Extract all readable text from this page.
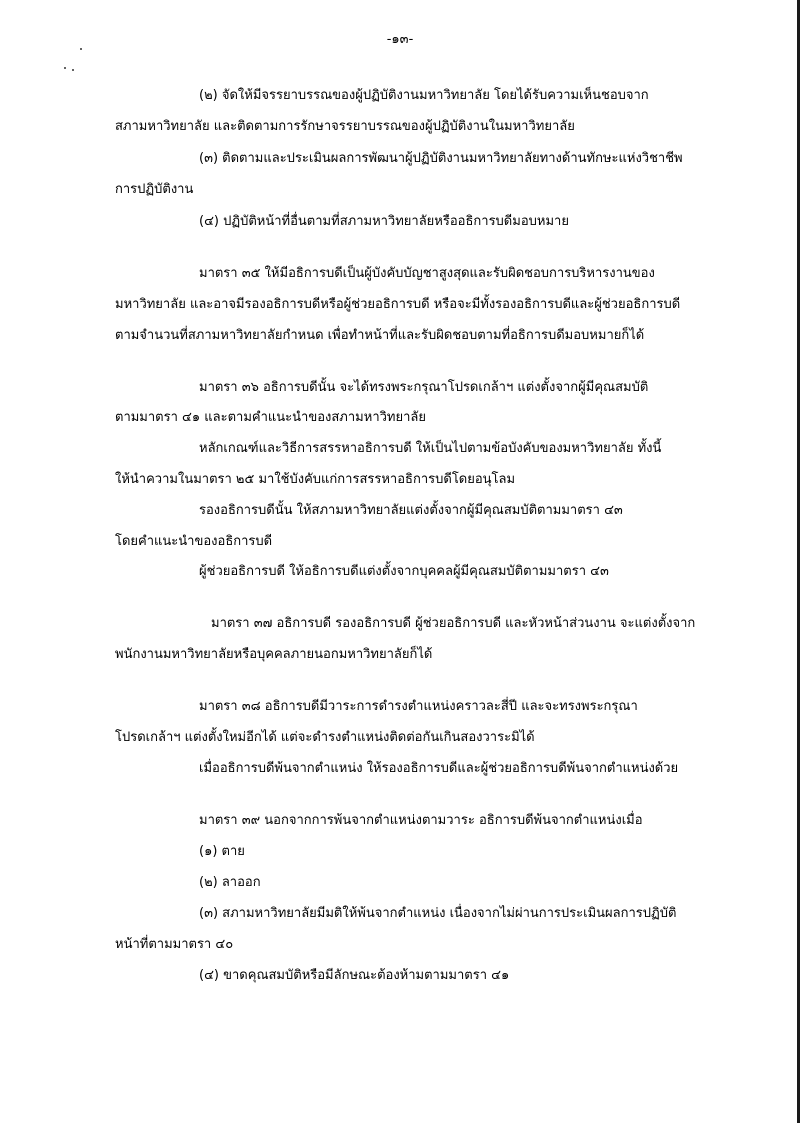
-๑๓-
(๒) จัดให้มีจรรยาบรรณของผู้ปฏิบัติงานมหาวิทยาลัย โดยได้รับความเห็นชอบจาก
สภามหาวิทยาลัย และติดตามการรักษาจรรยาบรรณของผู้ปฏิบัติงานในมหาวิทยาลัย
(๓) ติดตามและประเมินผลการพัฒนาผู้ปฏิบัติงานมหาวิทยาลัยทางด้านทักษะแห่งวิชาชีพ
การปฏิบัติงาน
(๔) ปฏิบัติหน้าที่อื่นตามที่สภามหาวิทยาลัยหรืออธิการบดีมอบหมาย
มาตรา ๓๕ ให้มีอธิการบดีเป็นผู้บังคับบัญชาสูงสุดและรับผิดชอบการบริหารงานของ
มหาวิทยาลัย และอาจมีรองอธิการบดีหรือผู้ช่วยอธิการบดี หรือจะมีทั้งรองอธิการบดีและผู้ช่วยอธิการบดี
ตามจำนวนที่สภามหาวิทยาลัยกำหนด เพื่อทำหน้าที่และรับผิดชอบตามที่อธิการบดีมอบหมายก็ได้
มาตรา ๓๖ อธิการบดีนั้น จะได้ทรงพระกรุณาโปรดเกล้าฯ แต่งตั้งจากผู้มีคุณสมบัติ
ตามมาตรา ๔๑ และตามคำแนะนำของสภามหาวิทยาลัย
หลักเกณฑ์และวิธีการสรรหาอธิการบดี ให้เป็นไปตามข้อบังคับของมหาวิทยาลัย ทั้งนี้
ให้นำความในมาตรา ๒๕ มาใช้บังคับแก่การสรรหาอธิการบดีโดยอนุโลม
รองอธิการบดีนั้น ให้สภามหาวิทยาลัยแต่งตั้งจากผู้มีคุณสมบัติตามมาตรา ๔๓
โดยคำแนะนำของอธิการบดี
ผู้ช่วยอธิการบดี ให้อธิการบดีแต่งตั้งจากบุคคลผู้มีคุณสมบัติตามมาตรา ๔๓
มาตรา ๓๗ อธิการบดี รองอธิการบดี ผู้ช่วยอธิการบดี และหัวหน้าส่วนงาน จะแต่งตั้งจาก
พนักงานมหาวิทยาลัยหรือบุคคลภายนอกมหาวิทยาลัยก็ได้
มาตรา ๓๘ อธิการบดีมีวาระการดำรงตำแหน่งคราวละสี่ปี และจะทรงพระกรุณา
โปรดเกล้าฯ แต่งตั้งใหม่อีกได้ แต่จะดำรงตำแหน่งติดต่อกันเกินสองวาระมิได้
เมื่ออธิการบดีพ้นจากตำแหน่ง ให้รองอธิการบดีและผู้ช่วยอธิการบดีพ้นจากตำแหน่งด้วย
มาตรา ๓๙ นอกจากการพ้นจากตำแหน่งตามวาระ อธิการบดีพ้นจากตำแหน่งเมื่อ
(๑) ตาย
(๒) ลาออก
(๓) สภามหาวิทยาลัยมีมติให้พ้นจากตำแหน่ง เนื่องจากไม่ผ่านการประเมินผลการปฏิบัติ
หน้าที่ตามมาตรา ๔๐
(๔) ขาดคุณสมบัติหรือมีลักษณะต้องห้ามตามมาตรา ๔๑
